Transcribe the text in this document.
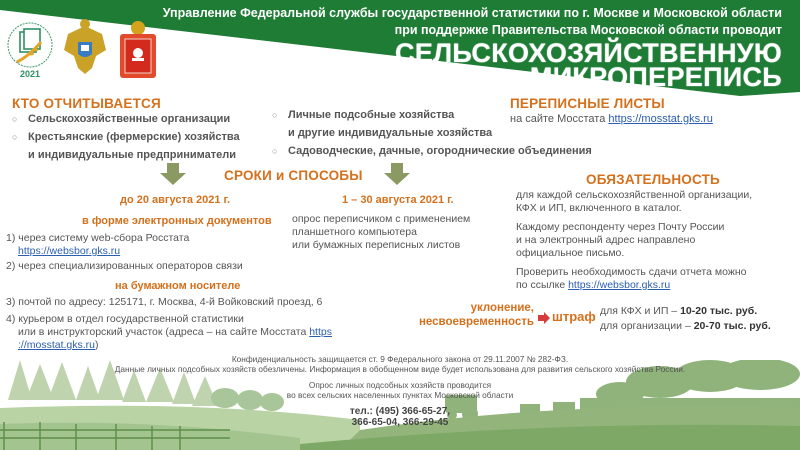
Управление Федеральной службы государственной статистики по г. Москве и Московской области
при поддержке Правительства Московской области проводит
СЕЛЬСКОХОЗЯЙСТВЕННУЮ
МИКРОПЕРЕПИСЬ
2021
КТО ОТЧИТЫВАЕТСЯ
○ Сельскохозяйственные организации
○ Крестьянские (фермерские) хозяйства
и индивидуальные предприниматели
○ Личные подсобные хозяйства
и другие индивидуальные хозяйства
○ Садоводческие, дачные, огороднические объединения
ПЕРЕПИСНЫЕ ЛИСТЫ
на сайте Мосстата https://mosstat.gks.ru
СРОКИ и СПОСОБЫ
до 20 августа 2021 г.
в форме электронных документов
1) через систему web-сбора Росстата
https://websbor.gks.ru
2) через специализированных операторов связи
на бумажном носителе
3) почтой по адресу: 125171, г. Москва, 4-й Войковский проезд, 6
4) курьером в отдел государственной статистики
или в инструкторский участок (адреса – на сайте Мосстата https
://mosstat.gks.ru)
1 – 30 августа 2021 г.
опрос переписчиком с применением
планшетного компьютера
или бумажных переписных листов
ОБЯЗАТЕЛЬНОСТЬ
для каждой сельскохозяйственной организации,
КФХ и ИП, включенного в каталог.
Каждому респонденту через Почту России
и на электронный адрес направлено
официальное письмо.
Проверить необходимость сдачи отчета можно
по ссылке https://websbor.gks.ru
уклонение,
несвоевременность штраф для КФХ и ИП – 10-20 тыс. руб.
для организации – 20-70 тыс. руб.
Конфиденциальность защищается ст. 9 Федерального закона от 29.11.2007 № 282-ФЗ.
Данные личных подсобных хозяйств обезличены. Информация в обобщенном виде будет использована для развития сельского хозяйства России.
Опрос личных подсобных хозяйств проводится
во всех сельских населенных пунктах Московской области
тел.: (495) 366-65-27,
366-65-04, 366-29-45
